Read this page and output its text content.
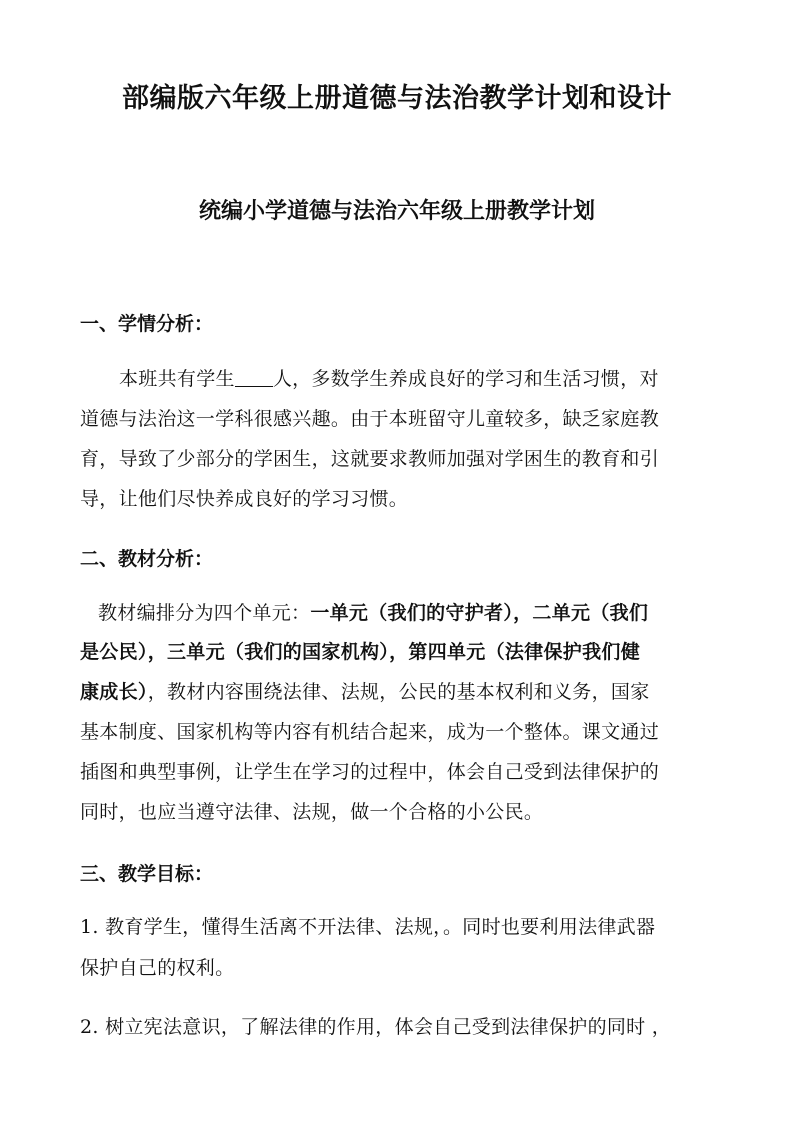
部编版六年级上册道德与法治教学计划和设计
统编小学道德与法治六年级上册教学计划
一、学情分析：
本班共有学生 人，多数学生养成良好的学习和生活习惯，对
道德与法治这一学科很感兴趣。由于本班留守儿童较多，缺乏家庭教
育，导致了少部分的学困生，这就要求教师加强对学困生的教育和引
导，让他们尽快养成良好的学习习惯。
二、教材分析：
教材编排分为四个单元：一单元（我们的守护者），二单元（我们
是公民），三单元（我们的国家机构），第四单元（法律保护我们健
康成长），教材内容围绕法律、法规，公民的基本权利和义务，国家
基本制度、国家机构等内容有机结合起来，成为一个整体。课文通过
插图和典型事例，让学生在学习的过程中，体会自己受到法律保护的
同时，也应当遵守法律、法规，做一个合格的小公民。
三、教学目标：
1. 教育学生，懂得生活离不开法律、法规，。同时也要利用法律武器
保护自己的权利。
2. 树立宪法意识，了解法律的作用，体会自己受到法律保护的同时 ，
